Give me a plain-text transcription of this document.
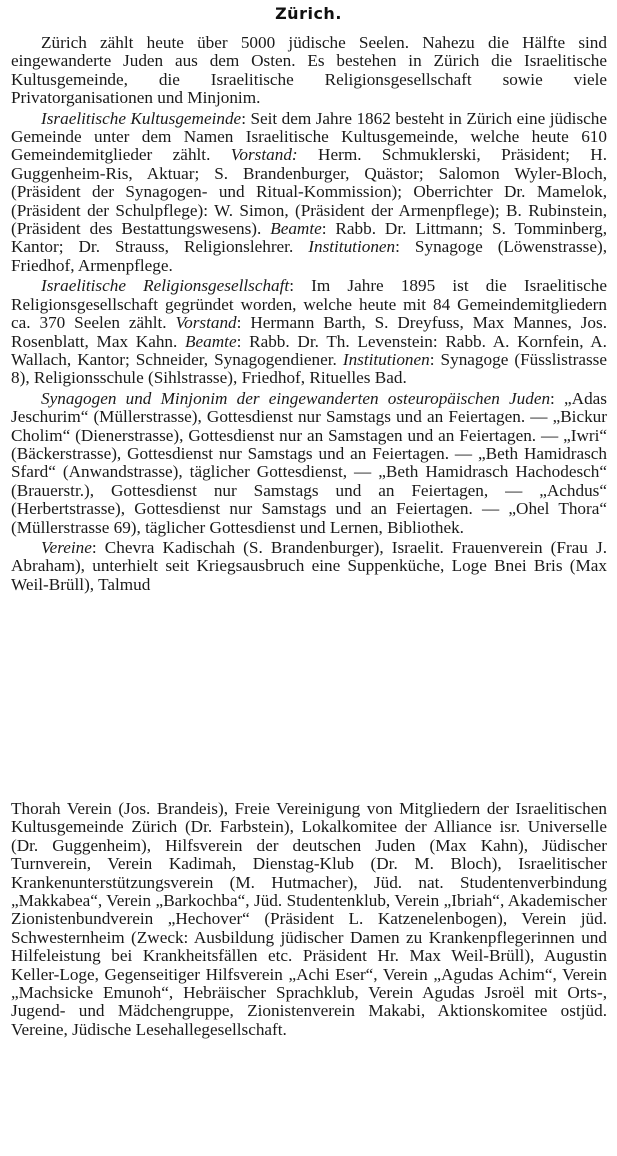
Zürich.

Zürich zählt heute über 5000 jüdische Seelen. Nahezu die Hälfte sind eingewanderte Juden aus dem Osten. Es bestehen in Zürich die Israelitische Kultusgemeinde, die Israelitische Religionsgesellschaft sowie viele Privatorganisationen und Minjonim.

Israelitische Kultusgemeinde: Seit dem Jahre 1862 besteht in Zürich eine jüdische Gemeinde unter dem Namen Israelitische Kultusgemeinde, welche heute 610 Gemeindemitglieder zählt. Vorstand: Herm. Schmuklerski, Präsident; H. Guggenheim-Ris, Aktuar; S. Brandenburger, Quästor; Salomon Wyler-Bloch, (Präsident der Synagogen- und Ritual-Kommission); Oberrichter Dr. Mamelok, (Präsident der Schulpflege): W. Simon, (Präsident der Armenpflege); B. Rubinstein, (Präsident des Bestattungswesens). Beamte: Rabb. Dr. Littmann; S. Tomminberg, Kantor; Dr. Strauss, Religionslehrer. Institutionen: Synagoge (Löwenstrasse), Friedhof, Armenpflege.

Israelitische Religionsgesellschaft: Im Jahre 1895 ist die Israelitische Religionsgesellschaft gegründet worden, welche heute mit 84 Gemeindemitgliedern ca. 370 Seelen zählt. Vorstand: Hermann Barth, S. Dreyfuss, Max Mannes, Jos. Rosenblatt, Max Kahn. Beamte: Rabb. Dr. Th. Levenstein: Rabb. A. Kornfein, A. Wallach, Kantor; Schneider, Synagogendiener. Institutionen: Synagoge (Füsslistrasse 8), Religionsschule (Sihlstrasse), Friedhof, Rituelles Bad.

Synagogen und Minjonim der eingewanderten osteuropäischen Juden: „Adas Jeschurim“ (Müllerstrasse), Gottesdienst nur Samstags und an Feiertagen. — „Bickur Cholim“ (Dienerstrasse), Gottesdienst nur an Samstagen und an Feiertagen. — „Iwri“ (Bäckerstrasse), Gottesdienst nur Samstags und an Feiertagen. — „Beth Hamidrasch Sfard“ (Anwandstrasse), täglicher Gottesdienst, — „Beth Hamidrasch Hachodesch“ (Brauerstr.), Gottesdienst nur Samstags und an Feiertagen, — „Achdus“ (Herbertstrasse), Gottesdienst nur Samstags und an Feiertagen. — „Ohel Thora“ (Müllerstrasse 69), täglicher Gottesdienst und Lernen, Bibliothek.

Vereine: Chevra Kadischah (S. Brandenburger), Israelit. Frauenverein (Frau J. Abraham), unterhielt seit Kriegsausbruch eine Suppenküche, Loge Bnei Bris (Max Weil-Brüll), Talmud

Thorah Verein (Jos. Brandeis), Freie Vereinigung von Mitgliedern der Israelitischen Kultusgemeinde Zürich (Dr. Farbstein), Lokalkomitee der Alliance isr. Universelle (Dr. Guggenheim), Hilfsverein der deutschen Juden (Max Kahn), Jüdischer Turnverein, Verein Kadimah, Dienstag-Klub (Dr. M. Bloch), Israelitischer Krankenunterstützungsverein (M. Hutmacher), Jüd. nat. Studentenverbindung „Makkabea“, Verein „Barkochba“, Jüd. Studentenklub, Verein „Ibriah“, Akademischer Zionistenbundverein „Hechover“ (Präsident L. Katzenelenbogen), Verein jüd. Schwesternheim (Zweck: Ausbildung jüdischer Damen zu Krankenpflegerinnen und Hilfeleistung bei Krankheitsfällen etc. Präsident Hr. Max Weil-Brüll), Augustin Keller-Loge, Gegenseitiger Hilfsverein „Achi Eser“, Verein „Agudas Achim“, Verein „Machsicke Emunoh“, Hebräischer Sprachklub, Verein Agudas Jsroël mit Orts-, Jugend- und Mädchengruppe, Zionistenverein Makabi, Aktionskomitee ostjüd. Vereine, Jüdische Lesehallegesellschaft.
